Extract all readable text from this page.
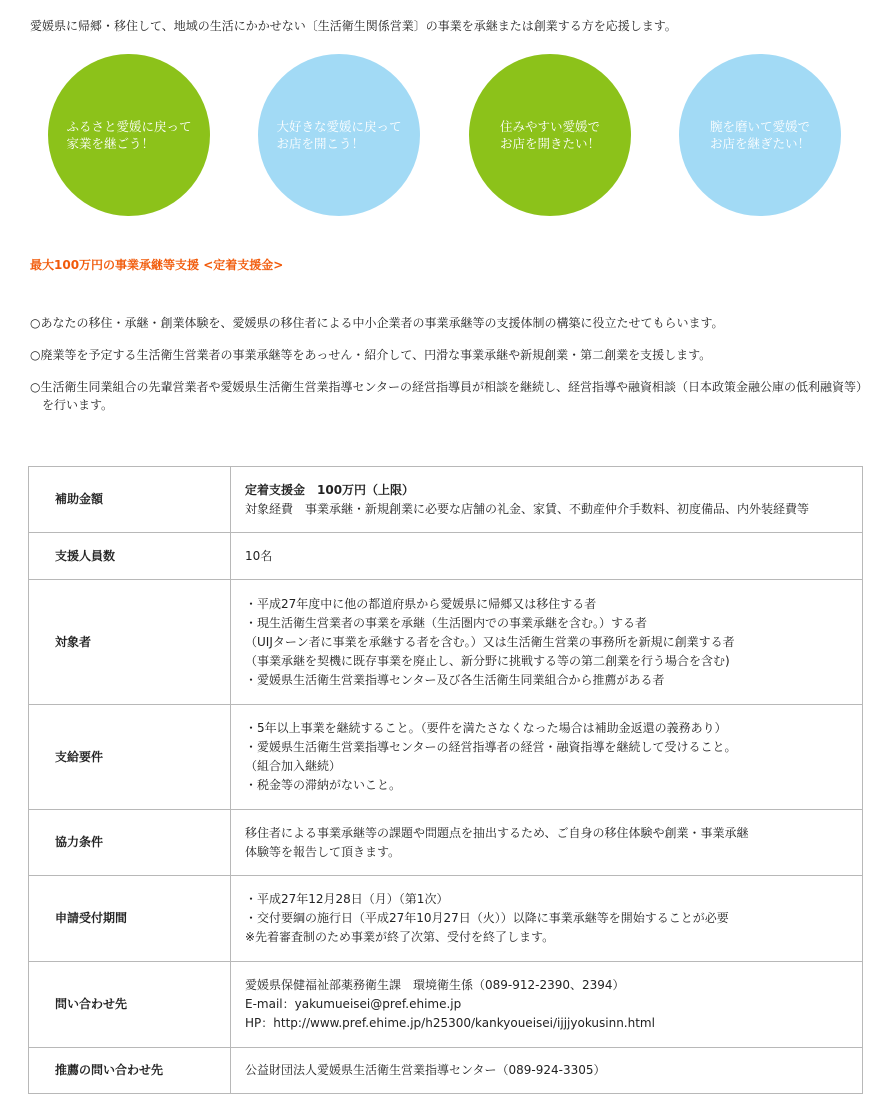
愛媛県に帰郷・移住して、地域の生活にかかせない〔生活衛生関係営業〕の事業を承継または創業する方を応援します。
ふるさと愛媛に戻って
家業を継ごう！
大好きな愛媛に戻って
お店を開こう！
住みやすい愛媛で
お店を開きたい！
腕を磨いて愛媛で
お店を継ぎたい！
最大100万円の事業承継等支援 <定着支援金>
○あなたの移住・承継・創業体験を、愛媛県の移住者による中小企業者の事業承継等の支援体制の構築に役立たせてもらいます。
○廃業等を予定する生活衛生営業者の事業承継等をあっせん・紹介して、円滑な事業承継や新規創業・第二創業を支援します。
○生活衛生同業組合の先輩営業者や愛媛県生活衛生営業指導センターの経営指導員が相談を継続し、経営指導や融資相談（日本政策金融公庫の低利融資等）を行います。
補助金額	定着支援金　100万円（上限）
対象経費　事業承継・新規創業に必要な店舗の礼金、家賃、不動産仲介手数料、初度備品、内外装経費等

支援人員数	10名

対象者	・平成27年度中に他の都道府県から愛媛県に帰郷又は移住する者
・現生活衛生営業者の事業を承継（生活圏内での事業承継を含む。）する者
（UIJターン者に事業を承継する者を含む。）又は生活衛生営業の事務所を新規に創業する者
（事業承継を契機に既存事業を廃止し、新分野に挑戦する等の第二創業を行う場合を含む)
・愛媛県生活衛生営業指導センター及び各生活衛生同業組合から推薦がある者

支給要件	・5年以上事業を継続すること。（要件を満たさなくなった場合は補助金返還の義務あり）
・愛媛県生活衛生営業指導センターの経営指導者の経営・融資指導を継続して受けること。
（組合加入継続）
・税金等の滞納がないこと。

協力条件	移住者による事業承継等の課題や問題点を抽出するため、ご自身の移住体験や創業・事業承継
体験等を報告して頂きます。

申請受付期間	・平成27年12月28日（月）（第1次）
・交付要綱の施行日（平成27年10月27日（火））以降に事業承継等を開始することが必要
※先着審査制のため事業が終了次第、受付を終了します。

問い合わせ先	愛媛県保健福祉部薬務衛生課　環境衛生係（089-912-2390、2394）
E-mail：yakumueisei@pref.ehime.jp
HP：http://www.pref.ehime.jp/h25300/kankyoueisei/ijjjyokusinn.html

推薦の問い合わせ先	公益財団法人愛媛県生活衛生営業指導センター（089-924-3305）
